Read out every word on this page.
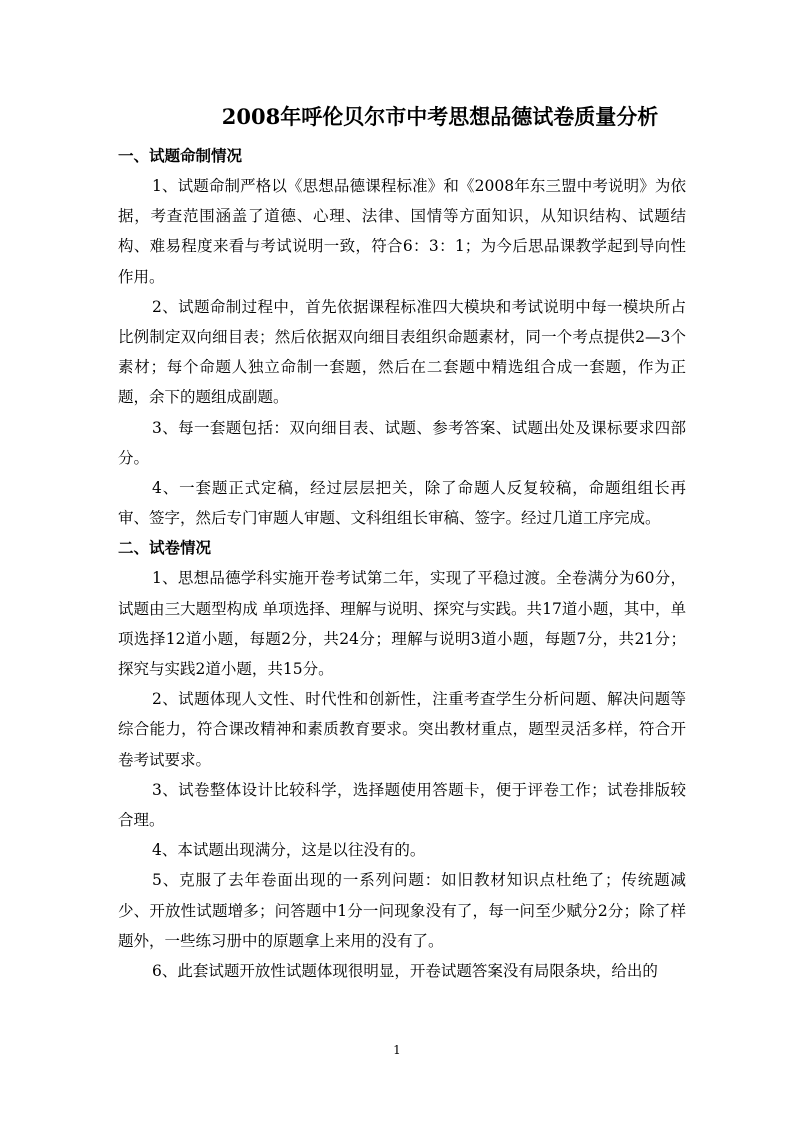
2008年呼伦贝尔市中考思想品德试卷质量分析

一、试题命制情况

1、试题命制严格以《思想品德课程标准》和《2008年东三盟中考说明》为依据，考查范围涵盖了道德、心理、法律、国情等方面知识，从知识结构、试题结构、难易程度来看与考试说明一致，符合6：3：1；为今后思品课教学起到导向性作用。

2、试题命制过程中，首先依据课程标准四大模块和考试说明中每一模块所占比例制定双向细目表；然后依据双向细目表组织命题素材，同一个考点提供2—3个素材；每个命题人独立命制一套题，然后在二套题中精选组合成一套题，作为正题，余下的题组成副题。

3、每一套题包括：双向细目表、试题、参考答案、试题出处及课标要求四部分。

4、一套题正式定稿，经过层层把关，除了命题人反复较稿，命题组组长再审、签字，然后专门审题人审题、文科组组长审稿、签字。经过几道工序完成。

二、试卷情况

1、思想品德学科实施开卷考试第二年，实现了平稳过渡。全卷满分为60分，试题由三大题型构成 单项选择、理解与说明、探究与实践。共17道小题，其中，单项选择12道小题，每题2分，共24分；理解与说明3道小题，每题7分，共21分；探究与实践2道小题，共15分。

2、试题体现人文性、时代性和创新性，注重考查学生分析问题、解决问题等综合能力，符合课改精神和素质教育要求。突出教材重点，题型灵活多样，符合开卷考试要求。

3、试卷整体设计比较科学，选择题使用答题卡，便于评卷工作；试卷排版较合理。

4、本试题出现满分，这是以往没有的。

5、克服了去年卷面出现的一系列问题：如旧教材知识点杜绝了；传统题减少、开放性试题增多；问答题中1分一问现象没有了，每一问至少赋分2分；除了样题外，一些练习册中的原题拿上来用的没有了。

6、此套试题开放性试题体现很明显，开卷试题答案没有局限条块，给出的

1
